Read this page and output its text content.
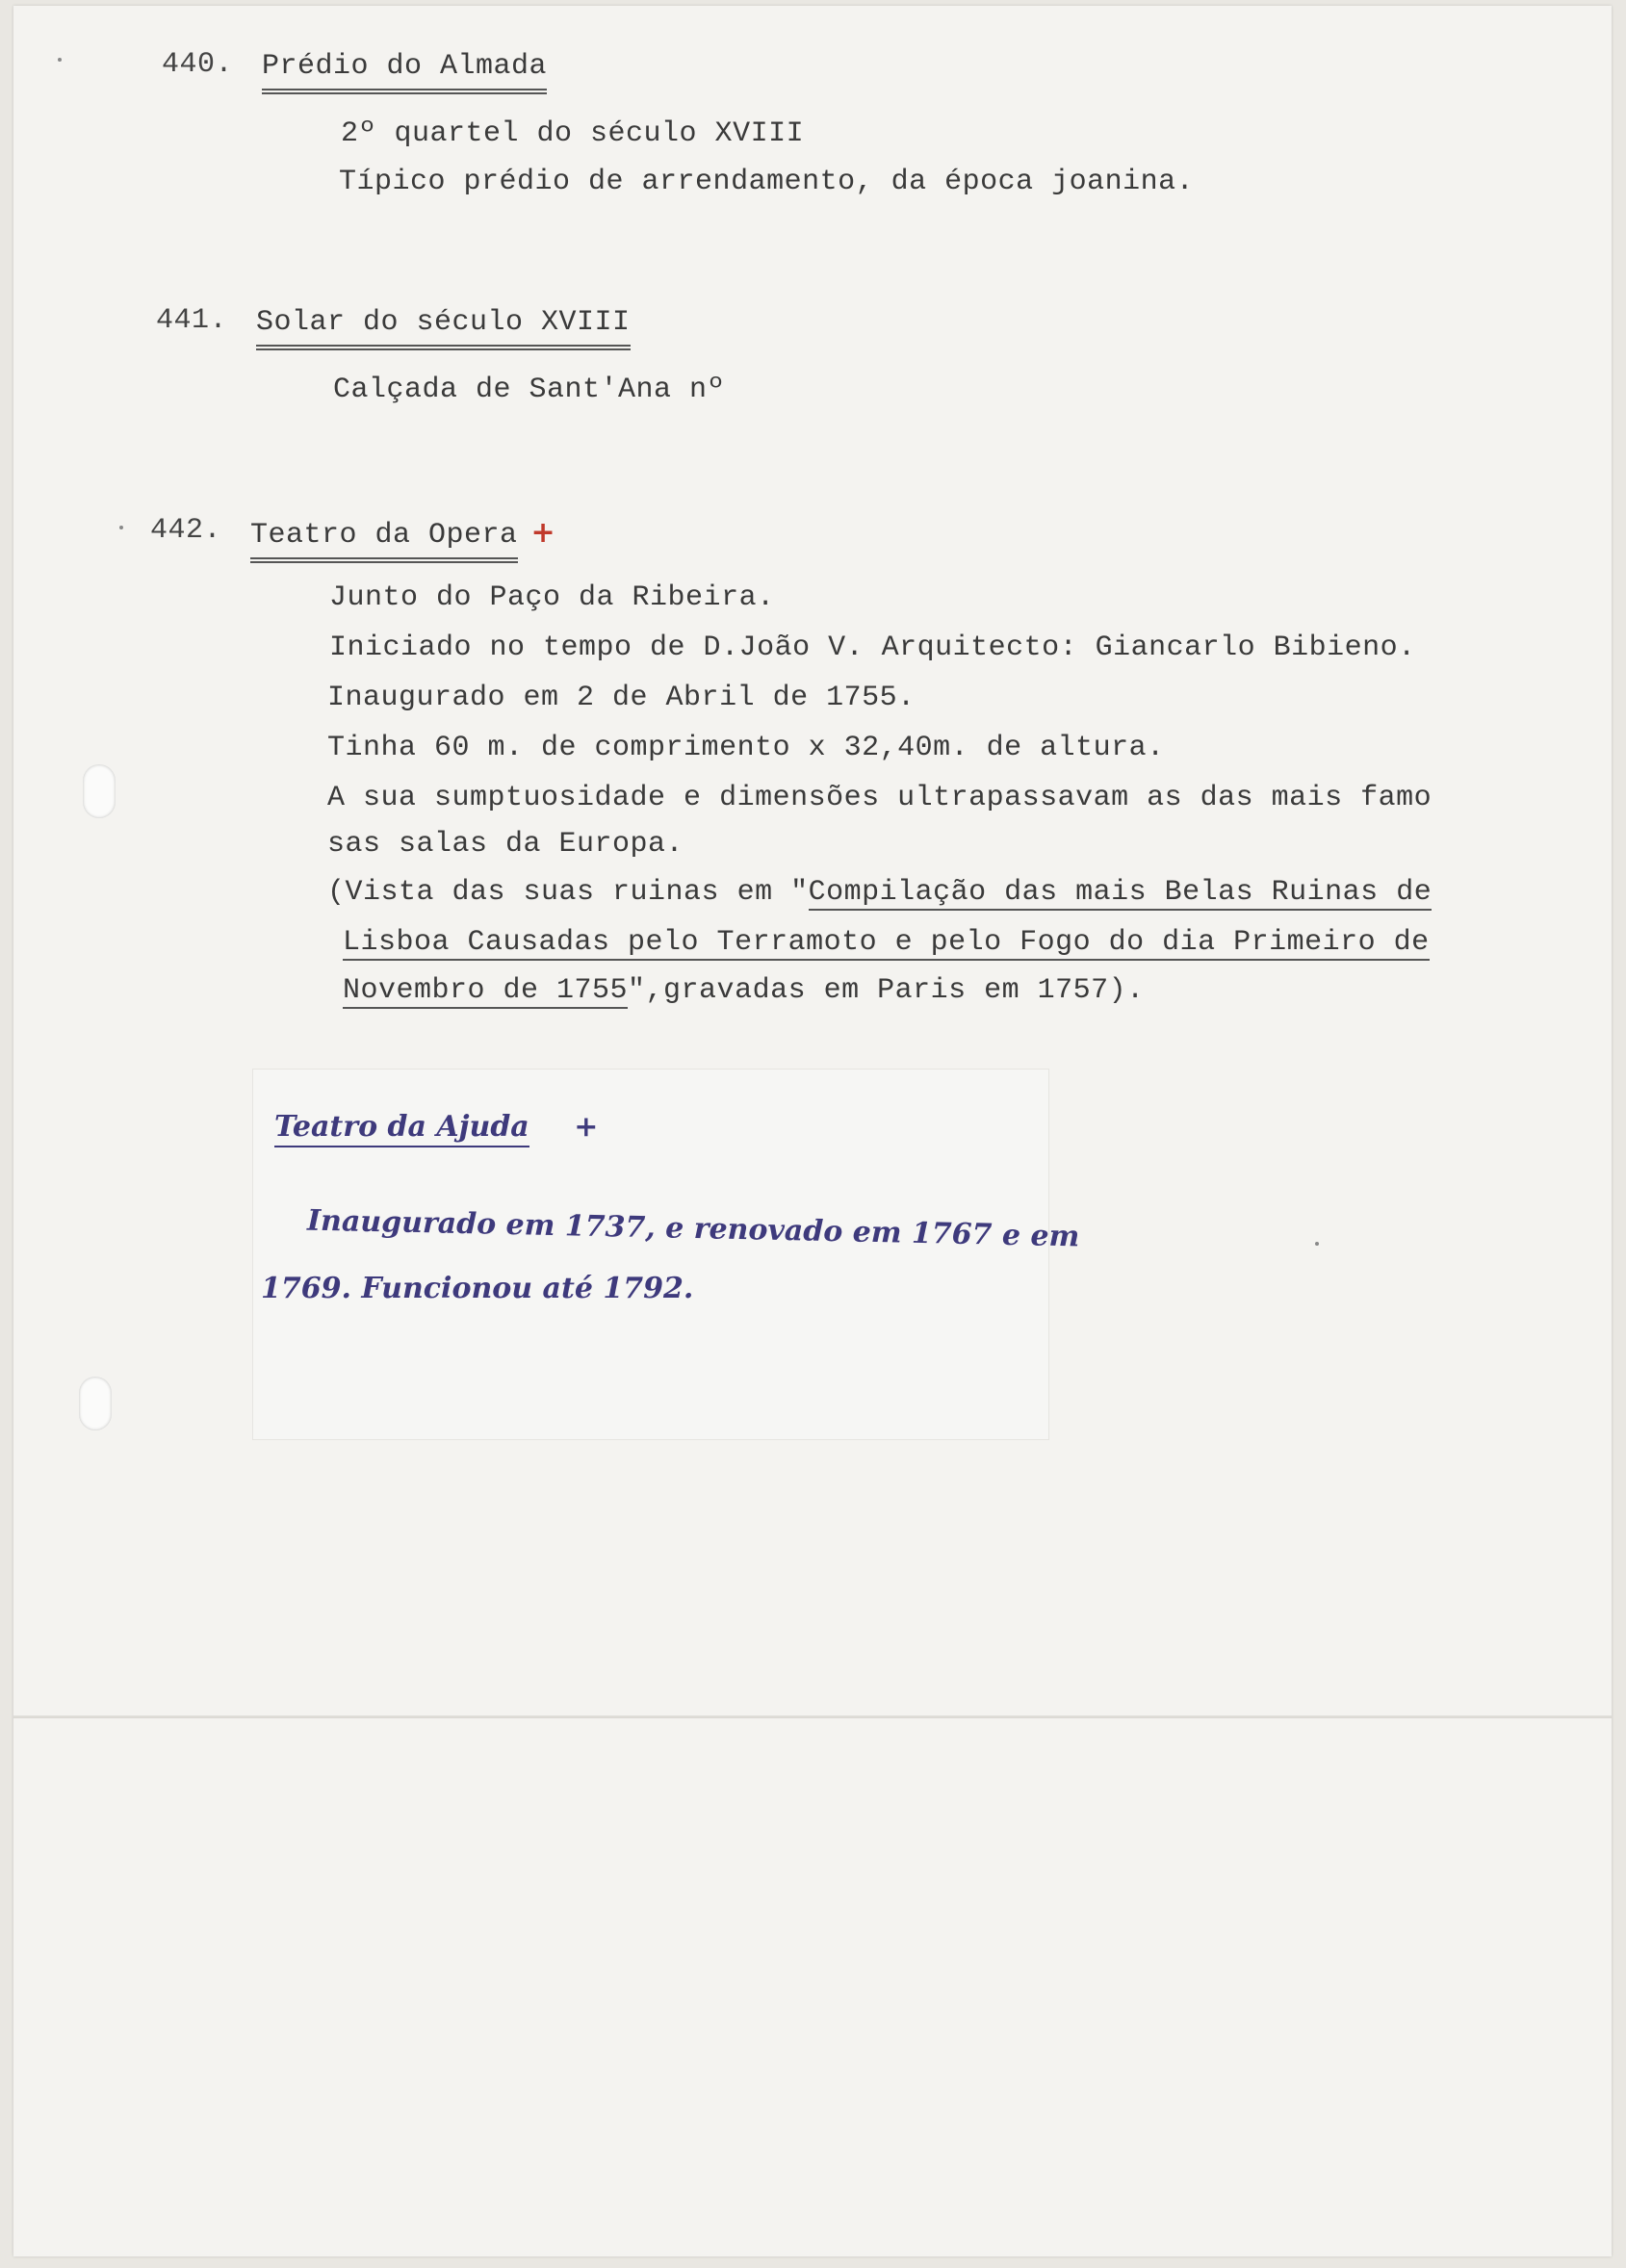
440. Prédio do Almada

2º quartel do século XVIII

Típico prédio de arrendamento, da época joanina.

441. Solar do século XVIII

Calçada de Sant'Ana nº

442. Teatro da Opera +

Junto do Paço da Ribeira.

Iniciado no tempo de D.João V. Arquitecto: Giancarlo Bibieno.

Inaugurado em 2 de Abril de 1755.

Tinha 60 m. de comprimento x 32,40m. de altura.

A sua sumptuosidade e dimensões ultrapassavam as das mais famo

sas salas da Europa.

(Vista das suas ruinas em "Compilação das mais Belas Ruinas de

Lisboa Causadas pelo Terramoto e pelo Fogo do dia Primeiro de

Novembro de 1755",gravadas em Paris em 1757).

Teatro da Ajuda +
Inaugurado em 1737, e renovado em 1767 e em
1769. Funcionou até 1792.
